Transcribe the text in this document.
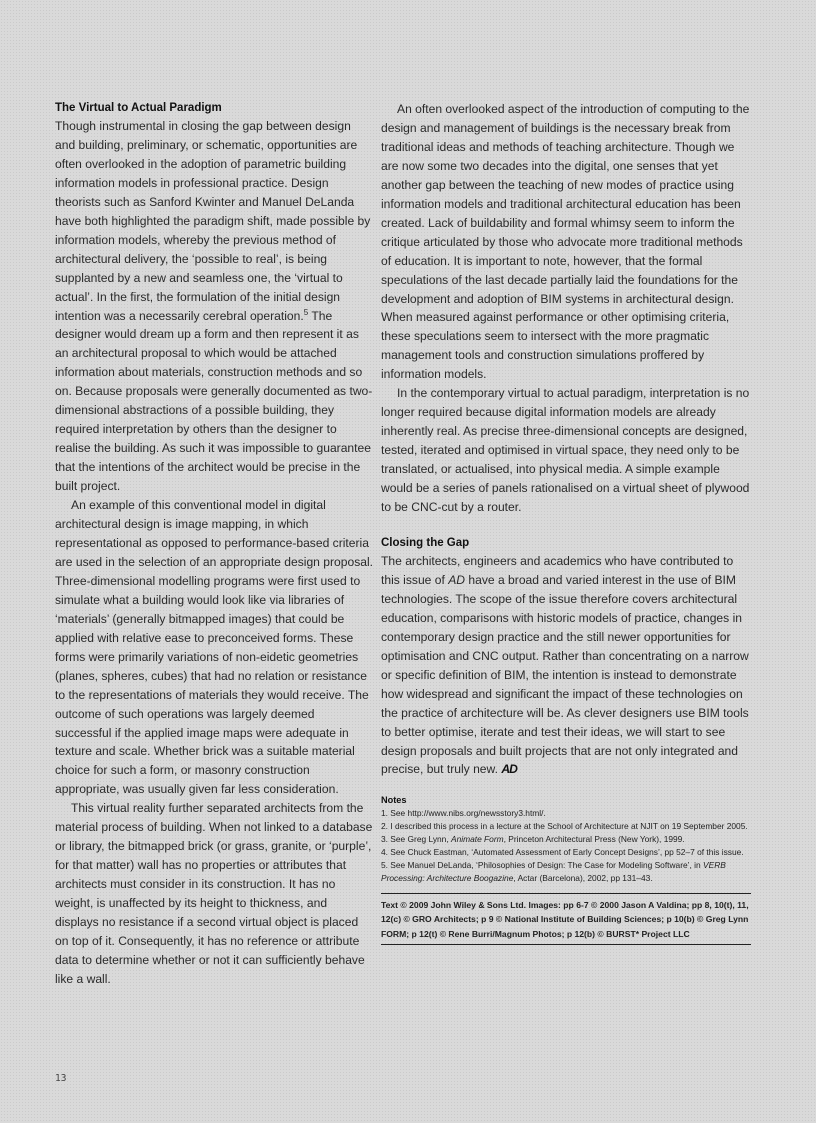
The Virtual to Actual Paradigm

Though instrumental in closing the gap between design and building, preliminary, or schematic, opportunities are often overlooked in the adoption of parametric building information models in professional practice. Design theorists such as Sanford Kwinter and Manuel DeLanda have both highlighted the paradigm shift, made possible by information models, whereby the previous method of architectural delivery, the ‘possible to real’, is being supplanted by a new and seamless one, the ‘virtual to actual’. In the first, the formulation of the initial design intention was a necessarily cerebral operation.$^5$ The designer would dream up a form and then represent it as an architectural proposal to which would be attached information about materials, construction methods and so on. Because proposals were generally documented as two-dimensional abstractions of a possible building, they required interpretation by others than the designer to realise the building. As such it was impossible to guarantee that the intentions of the architect would be precise in the built project.

An example of this conventional model in digital architectural design is image mapping, in which representational as opposed to performance-based criteria are used in the selection of an appropriate design proposal. Three-dimensional modelling programs were first used to simulate what a building would look like via libraries of ‘materials’ (generally bitmapped images) that could be applied with relative ease to preconceived forms. These forms were primarily variations of non-eidetic geometries (planes, spheres, cubes) that had no relation or resistance to the representations of materials they would receive. The outcome of such operations was largely deemed successful if the applied image maps were adequate in texture and scale. Whether brick was a suitable material choice for such a form, or masonry construction appropriate, was usually given far less consideration.

This virtual reality further separated architects from the material process of building. When not linked to a database or library, the bitmapped brick (or grass, granite, or ‘purple’, for that matter) wall has no properties or attributes that architects must consider in its construction. It has no weight, is unaffected by its height to thickness, and displays no resistance if a second virtual object is placed on top of it. Consequently, it has no reference or attribute data to determine whether or not it can sufficiently behave like a wall.

An often overlooked aspect of the introduction of computing to the design and management of buildings is the necessary break from traditional ideas and methods of teaching architecture. Though we are now some two decades into the digital, one senses that yet another gap between the teaching of new modes of practice using information models and traditional architectural education has been created. Lack of buildability and formal whimsy seem to inform the critique articulated by those who advocate more traditional methods of education. It is important to note, however, that the formal speculations of the last decade partially laid the foundations for the development and adoption of BIM systems in architectural design. When measured against performance or other optimising criteria, these speculations seem to intersect with the more pragmatic management tools and construction simulations proffered by information models.

In the contemporary virtual to actual paradigm, interpretation is no longer required because digital information models are already inherently real. As precise three-dimensional concepts are designed, tested, iterated and optimised in virtual space, they need only to be translated, or actualised, into physical media. A simple example would be a series of panels rationalised on a virtual sheet of plywood to be CNC-cut by a router.

Closing the Gap

The architects, engineers and academics who have contributed to this issue of AD have a broad and varied interest in the use of BIM technologies. The scope of the issue therefore covers architectural education, comparisons with historic models of practice, changes in contemporary design practice and the still newer opportunities for optimisation and CNC output. Rather than concentrating on a narrow or specific definition of BIM, the intention is instead to demonstrate how widespread and significant the impact of these technologies on the practice of architecture will be. As clever designers use BIM tools to better optimise, iterate and test their ideas, we will start to see design proposals and built projects that are not only integrated and precise, but truly new. AD

Notes

1. See http://www.nibs.org/newsstory3.html/.

2. I described this process in a lecture at the School of Architecture at NJIT on 19 September 2005.

3. See Greg Lynn, Animate Form, Princeton Architectural Press (New York), 1999.

4. See Chuck Eastman, ‘Automated Assessment of Early Concept Designs’, pp 52–7 of this issue.

5. See Manuel DeLanda, ‘Philosophies of Design: The Case for Modeling Software’, in VERB Processing: Architecture Boogazine, Actar (Barcelona), 2002, pp 131–43.

Text © 2009 John Wiley & Sons Ltd. Images: pp 6-7 © 2000 Jason A Valdina; pp 8, 10(t), 11, 12(c) © GRO Architects; p 9 © National Institute of Building Sciences; p 10(b) © Greg Lynn FORM; p 12(t) © Rene Burri/Magnum Photos; p 12(b) © BURST* Project LLC
13
